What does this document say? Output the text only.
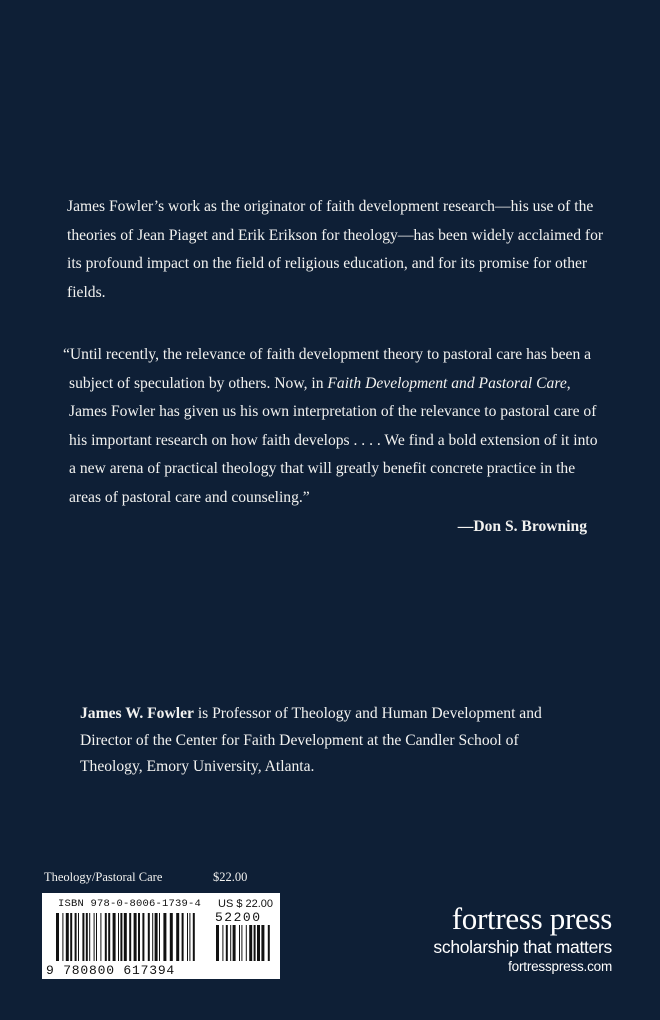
James Fowler’s work as the originator of faith development research—his use of the theories of Jean Piaget and Erik Erikson for theology—has been widely acclaimed for its profound impact on the field of religious education, and for its promise for other fields.

“Until recently, the relevance of faith development theory to pastoral care has been a subject of speculation by others. Now, in Faith Development and Pastoral Care, James Fowler has given us his own interpretation of the relevance to pastoral care of his important research on how faith develops . . . . We find a bold extension of it into a new arena of practical theology that will greatly benefit concrete practice in the areas of pastoral care and counseling.”

—Don S. Browning
James W. Fowler is Professor of Theology and Human Development and Director of the Center for Faith Development at the Candler School of Theology, Emory University, Atlanta.
Theology/Pastoral Care	$22.00
ISBN 978-0-8006-1739-4 US $ 22.00
52200
9 780800 617394
fortress press
scholarship that matters
fortresspress.com
